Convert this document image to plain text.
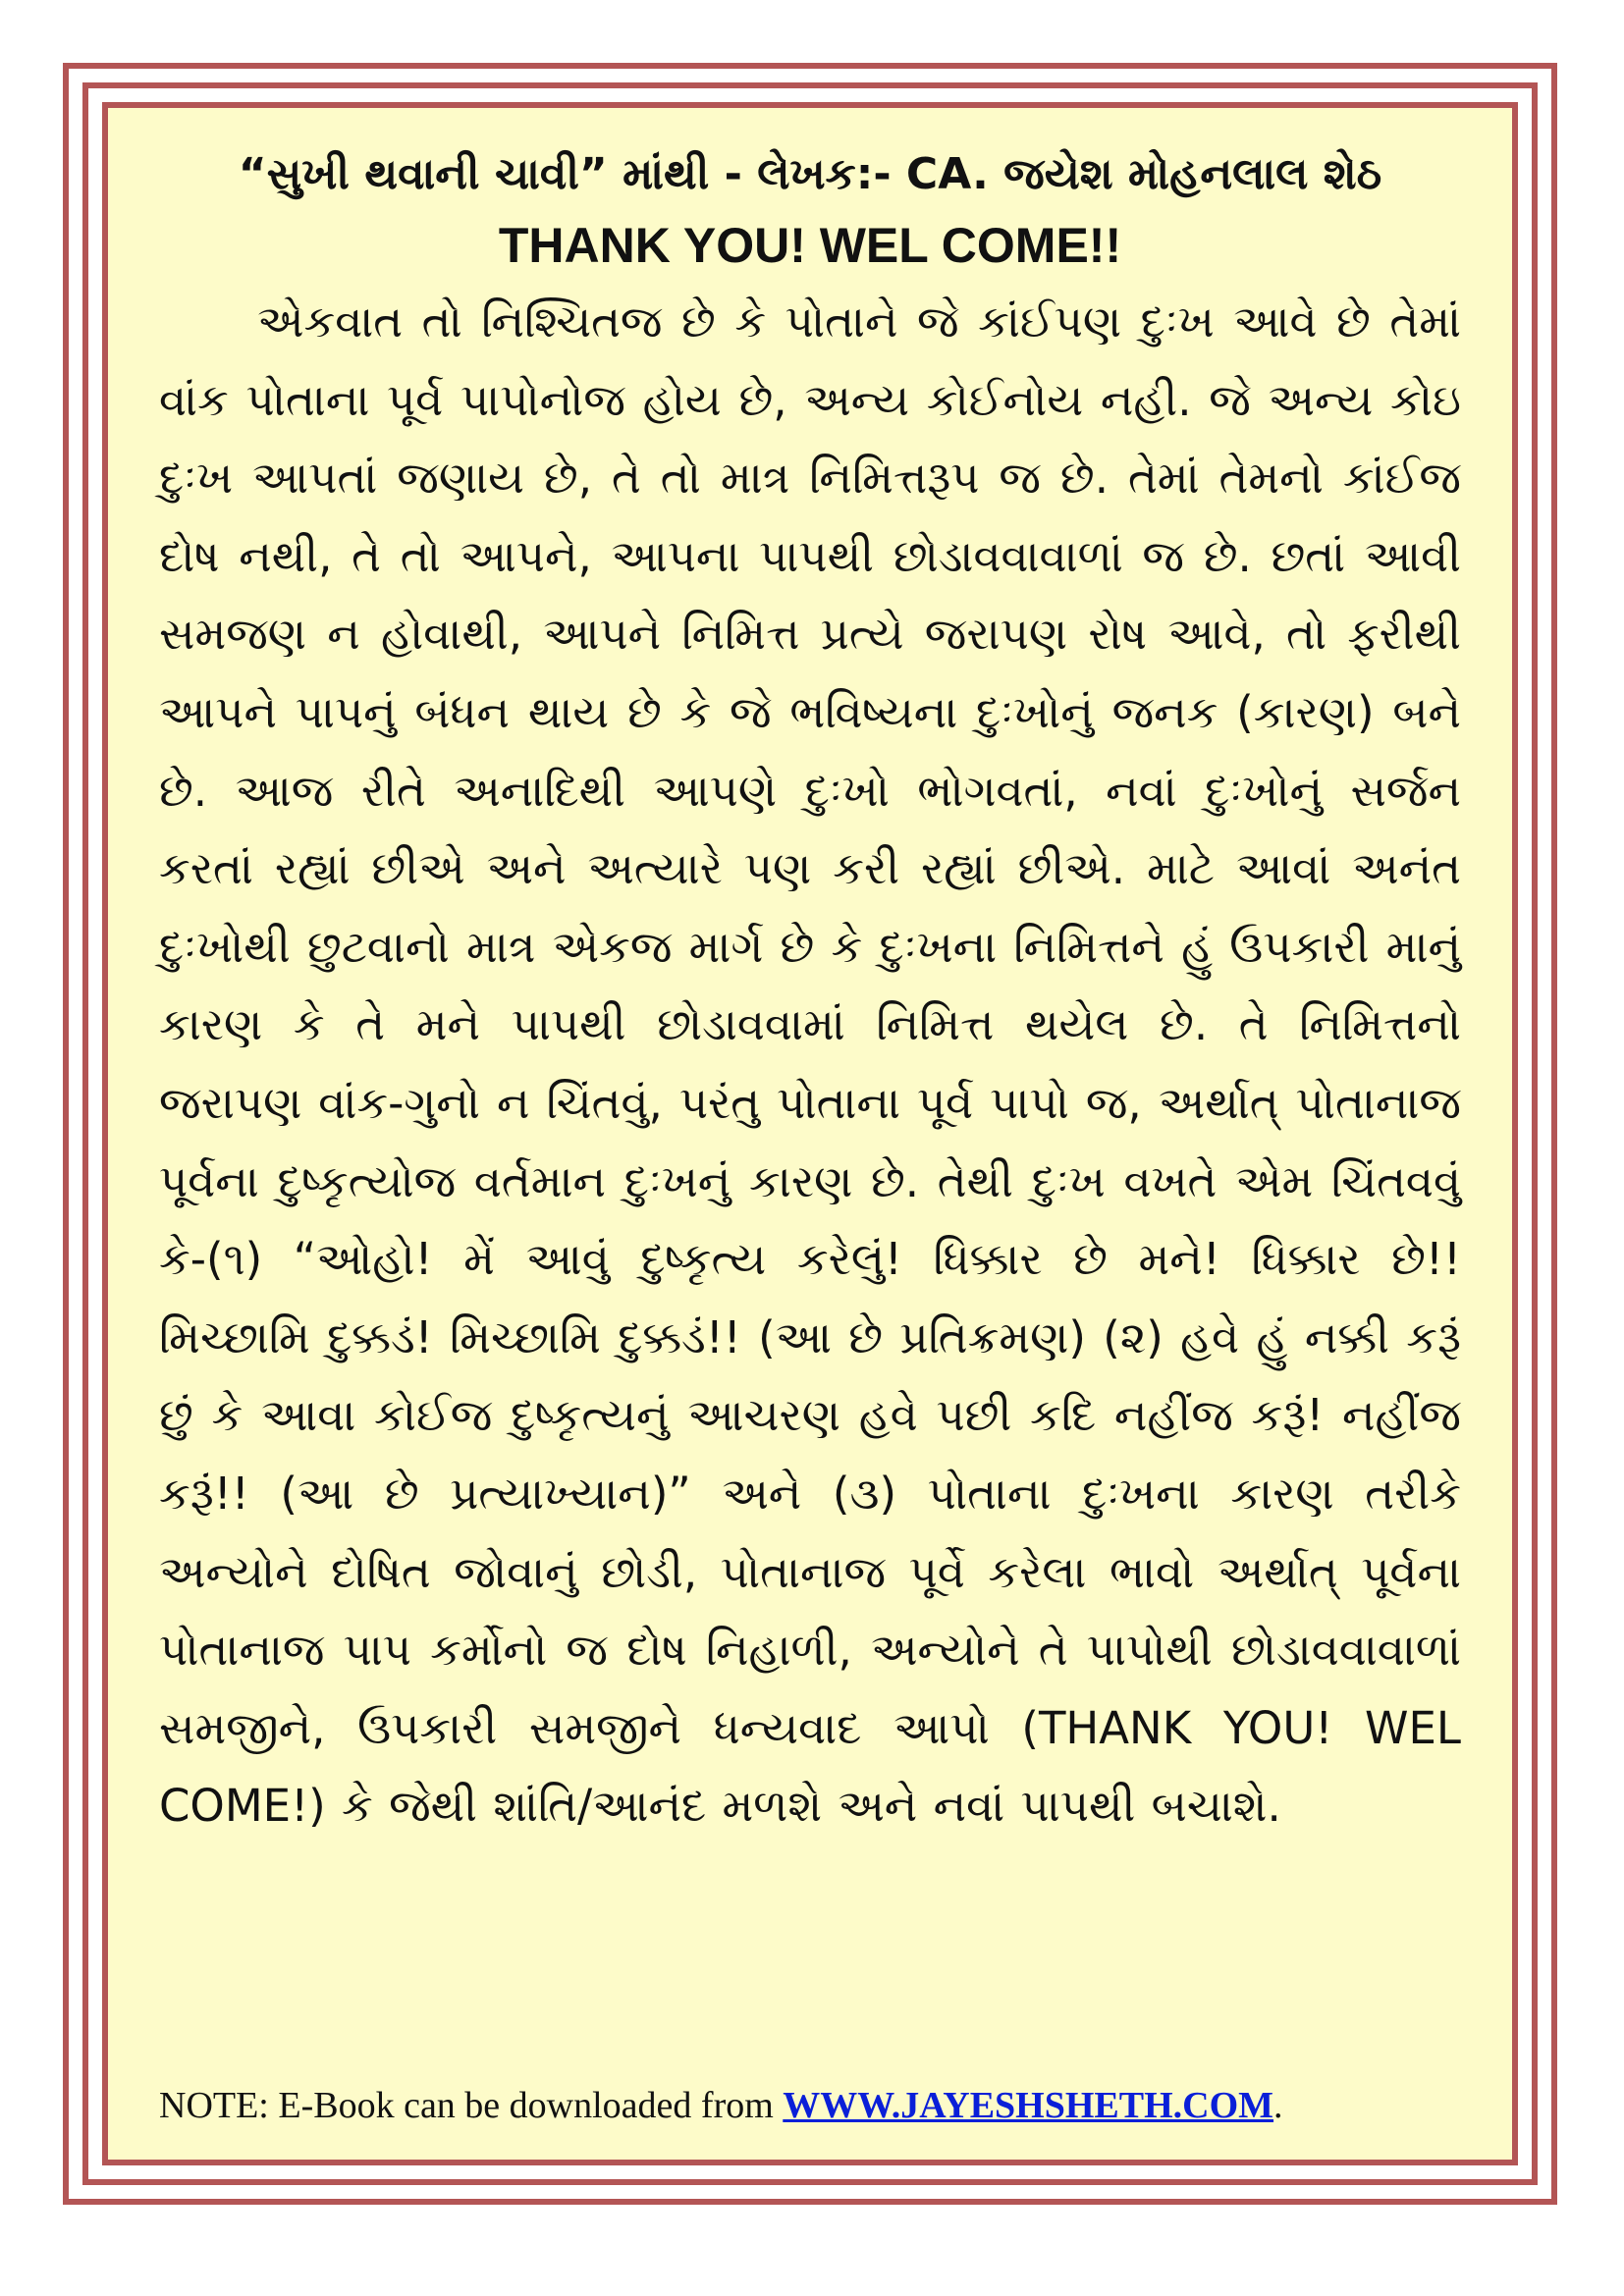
“સુખી થવાની ચાવી” માંથી - લેખક:- CA. જયેશ મોહનલાલ શેઠ

THANK YOU! WEL COME!!

એકવાત તો નિશ્ચિતજ છે કે પોતાને જે કાંઈપણ દુઃખ આવે છે તેમાં વાંક પોતાના પૂર્વ પાપોનોજ હોય છે, અન્ય કોઈનોય નહી. જે અન્ય કોઇ દુઃખ આપતાં જણાય છે, તે તો માત્ર નિમિત્તરૂપ જ છે. તેમાં તેમનો કાંઈજ દોષ નથી, તે તો આપને, આપના પાપથી છોડાવવાવાળાં જ છે. છતાં આવી સમજણ ન હોવાથી, આપને નિમિત્ત પ્રત્યે જરાપણ રોષ આવે, તો ફરીથી આપને પાપનું બંધન થાય છે કે જે ભવિષ્યના દુઃખોનું જનક (કારણ) બને છે. આજ રીતે અનાદિથી આપણે દુઃખો ભોગવતાં, નવાં દુઃખોનું સર્જન કરતાં રહ્યાં છીએ અને અત્યારે પણ કરી રહ્યાં છીએ. માટે આવાં અનંત દુઃખોથી છુટવાનો માત્ર એકજ માર્ગ છે કે દુઃખના નિમિત્તને હું ઉપકારી માનું કારણ કે તે મને પાપથી છોડાવવામાં નિમિત્ત થયેલ છે. તે નિમિત્તનો જરાપણ વાંક-ગુનો ન ચિંતવું, પરંતુ પોતાના પૂર્વ પાપો જ, અર્થાત્ પોતાનાજ પૂર્વના દુષ્કૃત્યોજ વર્તમાન દુઃખનું કારણ છે. તેથી દુઃખ વખતે એમ ચિંતવવું કે-(૧) “ઓહો! મેં આવું દુષ્કૃત્ય કરેલું! ધિક્કાર છે મને! ધિક્કાર છે!! મિચ્છામિ દુક્કડં! મિચ્છામિ દુક્કડં!! (આ છે પ્રતિક્રમણ) (૨) હવે હું નક્કી કરૂં છું કે આવા કોઈજ દુષ્કૃત્યનું આચરણ હવે પછી કદિ નહીંજ કરૂં! નહીંજ કરૂં!! (આ છે પ્રત્યાખ્યાન)” અને (૩) પોતાના દુઃખના કારણ તરીકે અન્યોને દોષિત જોવાનું છોડી, પોતાનાજ પૂર્વે કરેલા ભાવો અર્થાત્ પૂર્વના પોતાનાજ પાપ કર્મોનો જ દોષ નિહાળી, અન્યોને તે પાપોથી છોડાવવાવાળાં સમજીને, ઉપકારી સમજીને ધન્યવાદ આપો (THANK YOU! WEL COME!) કે જેથી શાંતિ/આનંદ મળશે અને નવાં પાપથી બચાશે.

NOTE: E-Book can be downloaded from WWW.JAYESHSHETH.COM.
